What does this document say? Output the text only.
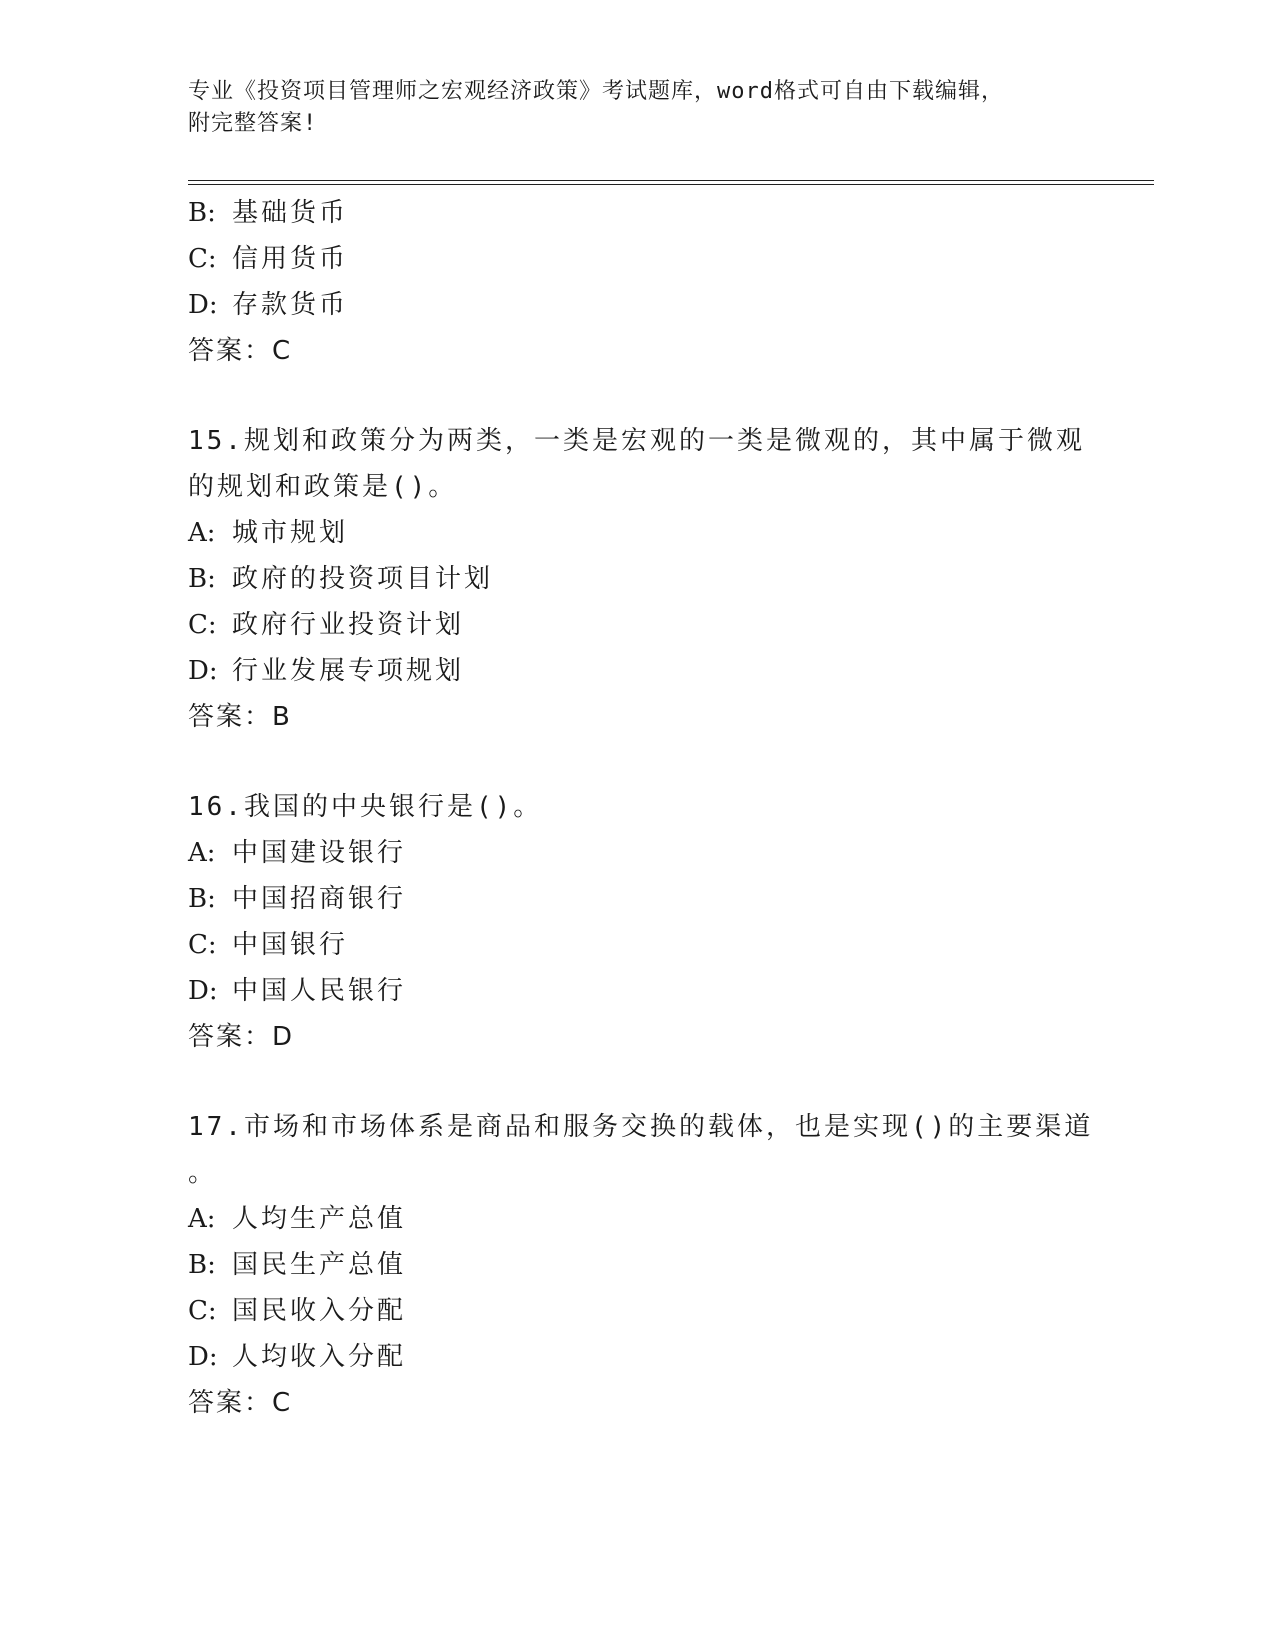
专业《投资项目管理师之宏观经济政策》考试题库，word格式可自由下载编辑，
附完整答案!
B: 基础货币
C: 信用货币
D: 存款货币
答案：C
15.规划和政策分为两类，一类是宏观的一类是微观的，其中属于微观
的规划和政策是()。
A: 城市规划
B: 政府的投资项目计划
C: 政府行业投资计划
D: 行业发展专项规划
答案：B
16.我国的中央银行是()。
A: 中国建设银行
B: 中国招商银行
C: 中国银行
D: 中国人民银行
答案：D
17.市场和市场体系是商品和服务交换的载体，也是实现()的主要渠道
。
A: 人均生产总值
B: 国民生产总值
C: 国民收入分配
D: 人均收入分配
答案：C
